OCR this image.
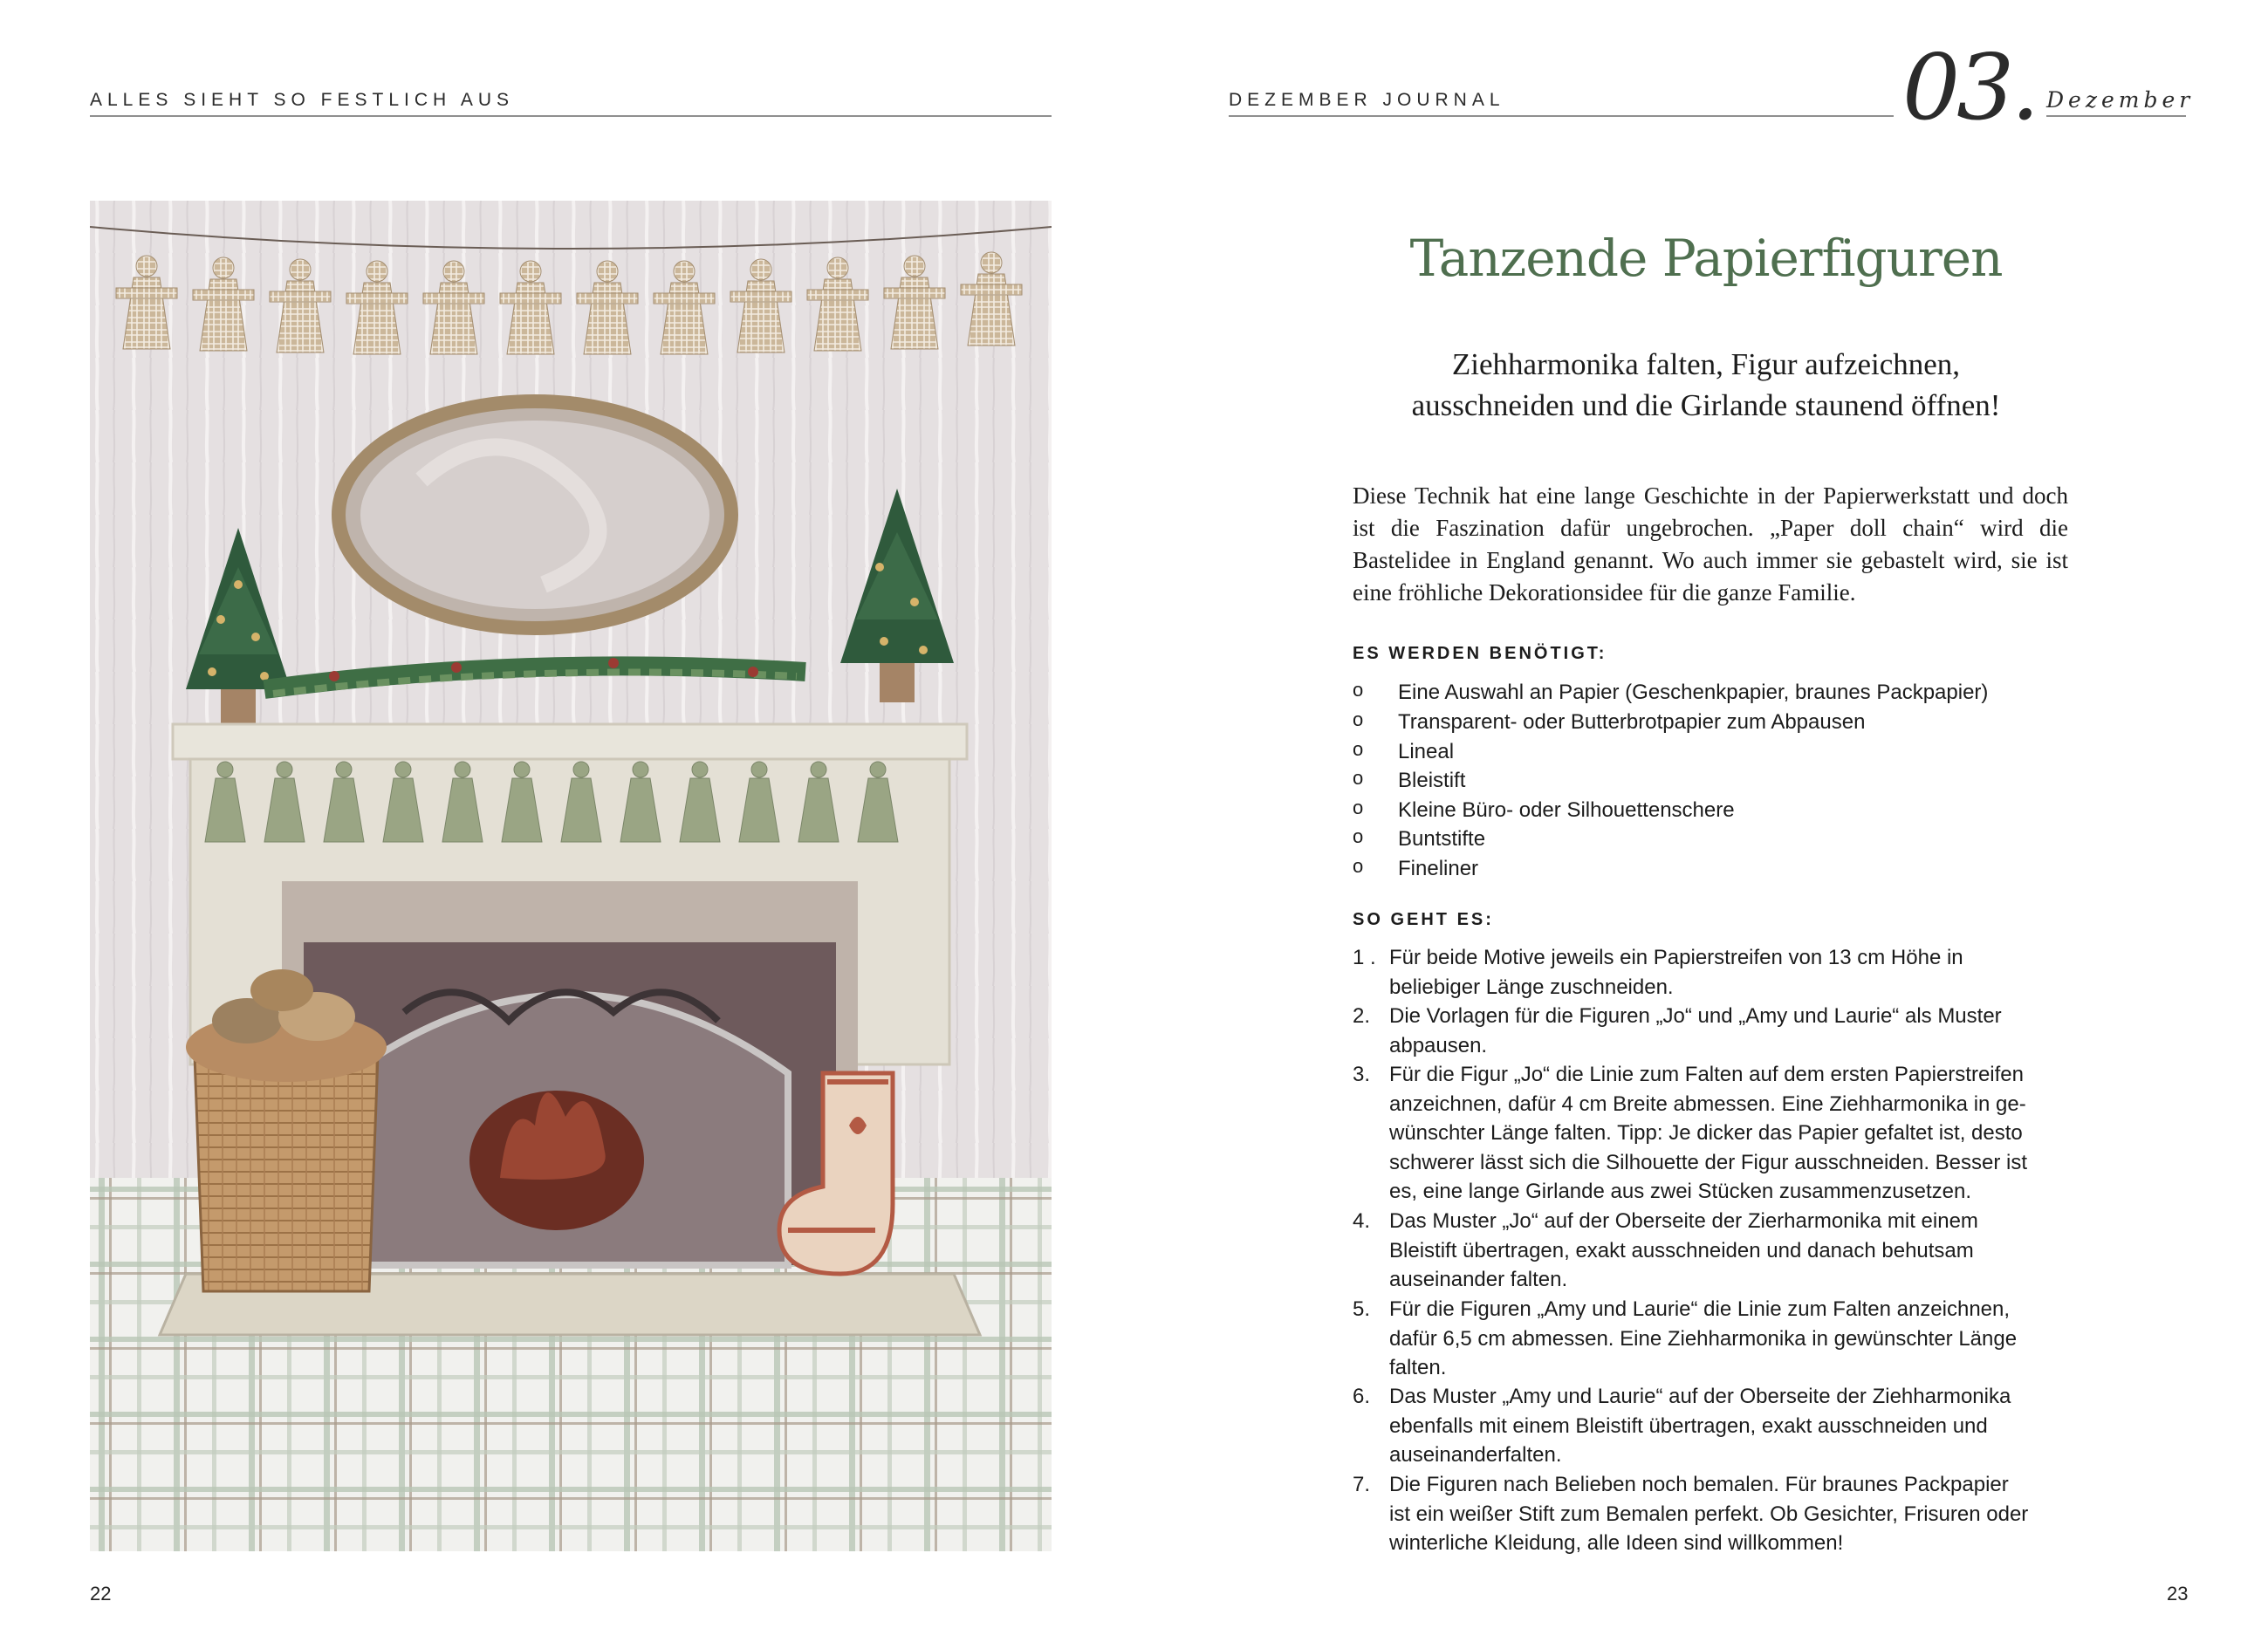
ALLES SIEHT SO FESTLICH AUS
22
DEZEMBER JOURNAL	03. Dezember
Tanzende Papierfiguren
Ziehharmonika falten, Figur aufzeichnen,
ausschneiden und die Girlande staunend öffnen!
Diese Technik hat eine lange Geschichte in der Papierwerkstatt und doch ist die Faszination dafür ungebrochen. „Paper doll chain“ wird die Bastelidee in England genannt. Wo auch immer sie gebastelt wird, sie ist eine fröhliche Dekorationsidee für die ganze Familie.
ES WERDEN BENÖTIGT:
o Eine Auswahl an Papier (Geschenkpapier, braunes Packpapier)
o Transparent- oder Butterbrotpapier zum Abpausen
o Lineal
o Bleistift
o Kleine Büro- oder Silhouettenschere
o Buntstifte
o Fineliner
SO GEHT ES:
1 . Für beide Motive jeweils ein Papierstreifen von 13 cm Höhe in
beliebiger Länge zuschneiden.
2. Die Vorlagen für die Figuren „Jo“ und „Amy und Laurie“ als Muster
abpausen.
3. Für die Figur „Jo“ die Linie zum Falten auf dem ersten Papierstreifen
anzeichnen, dafür 4 cm Breite abmessen. Eine Ziehharmonika in ge-
wünschter Länge falten. Tipp: Je dicker das Papier gefaltet ist, desto
schwerer lässt sich die Silhouette der Figur ausschneiden. Besser ist
es, eine lange Girlande aus zwei Stücken zusammenzusetzen.
4. Das Muster „Jo“ auf der Oberseite der Zierharmonika mit einem
Bleistift übertragen, exakt ausschneiden und danach behutsam
auseinander falten.
5. Für die Figuren „Amy und Laurie“ die Linie zum Falten anzeichnen,
dafür 6,5 cm abmessen. Eine Ziehharmonika in gewünschter Länge
falten.
6. Das Muster „Amy und Laurie“ auf der Oberseite der Ziehharmonika
ebenfalls mit einem Bleistift übertragen, exakt ausschneiden und
auseinanderfalten.
7. Die Figuren nach Belieben noch bemalen. Für braunes Packpapier
ist ein weißer Stift zum Bemalen perfekt. Ob Gesichter, Frisuren oder
winterliche Kleidung, alle Ideen sind willkommen!
23
